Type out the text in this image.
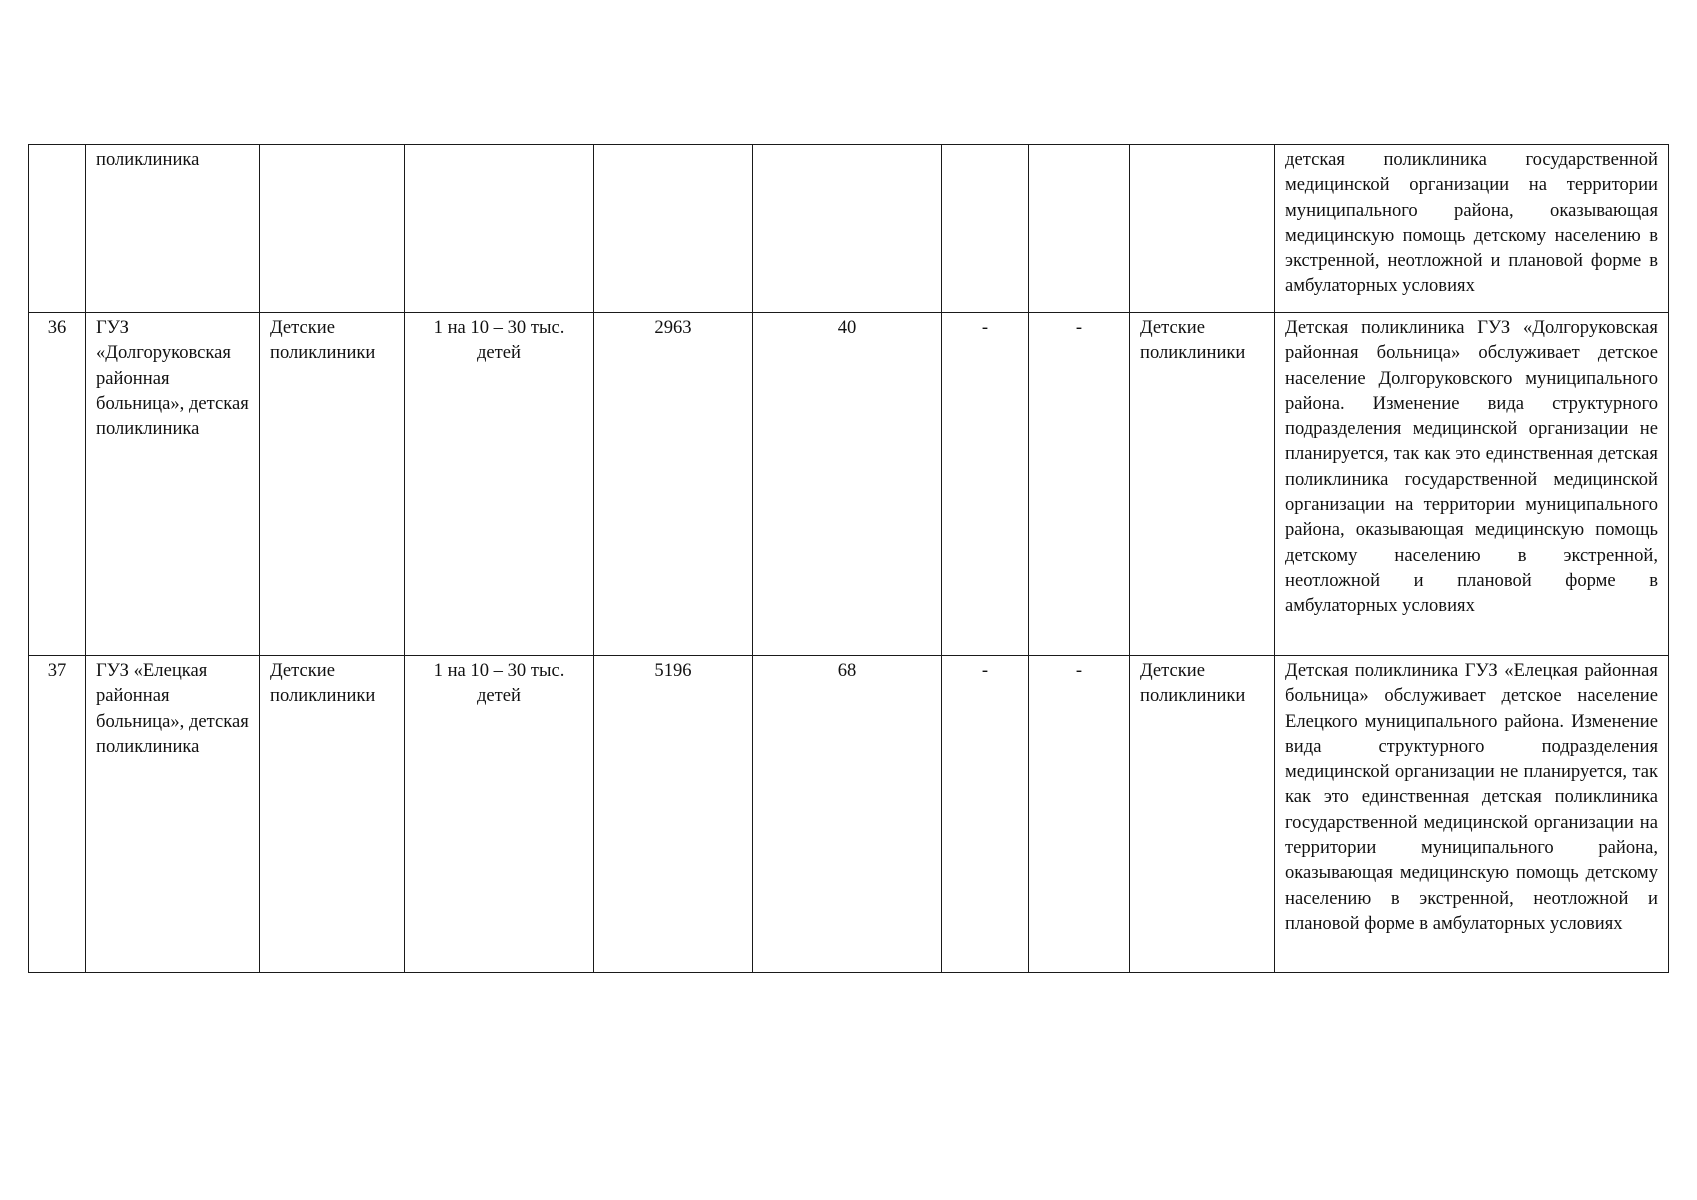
	поликлиника								детская поликлиника государственной медицинской организации на территории муниципального района, оказывающая медицинскую помощь детскому населению в экстренной, неотложной и плановой форме в амбулаторных условиях
36	ГУЗ «Долгоруковская районная больница», детская поликлиника	Детские поликлиники	1 на 10 – 30 тыс. детей	2963	40	-	-	Детские поликлиники	Детская поликлиника ГУЗ «Долгоруковская районная больница» обслуживает детское население Долгоруковского муниципального района. Изменение вида структурного подразделения медицинской организации не планируется, так как это единственная детская поликлиника государственной медицинской организации на территории муниципального района, оказывающая медицинскую помощь детскому населению в экстренной, неотложной и плановой форме в амбулаторных условиях
37	ГУЗ «Елецкая районная больница», детская поликлиника	Детские поликлиники	1 на 10 – 30 тыс. детей	5196	68	-	-	Детские поликлиники	Детская поликлиника ГУЗ «Елецкая районная больница» обслуживает детское население Елецкого муниципального района. Изменение вида структурного подразделения медицинской организации не планируется, так как это единственная детская поликлиника государственной медицинской организации на территории муниципального района, оказывающая медицинскую помощь детскому населению в экстренной, неотложной и плановой форме в амбулаторных условиях
